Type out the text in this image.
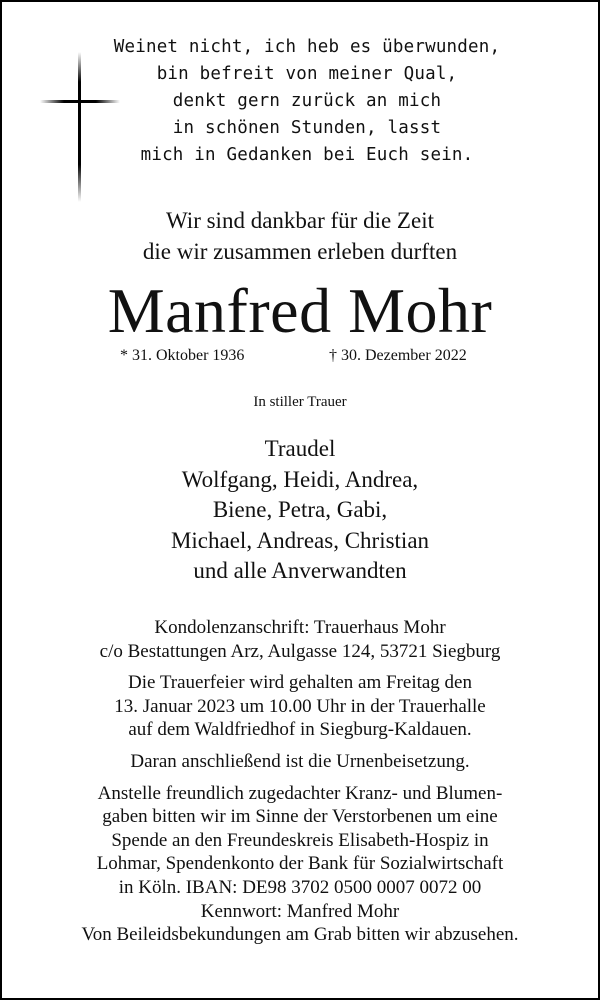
Weinet nicht, ich heb es überwunden,
bin befreit von meiner Qual,
denkt gern zurück an mich
in schönen Stunden, lasst
mich in Gedanken bei Euch sein.
Wir sind dankbar für die Zeit
die wir zusammen erleben durften
Manfred Mohr
* 31. Oktober 1936	† 30. Dezember 2022
In stiller Trauer
Traudel
Wolfgang, Heidi, Andrea,
Biene, Petra, Gabi,
Michael, Andreas, Christian
und alle Anverwandten

Kondolenzanschrift: Trauerhaus Mohr
c/o Bestattungen Arz, Aulgasse 124, 53721 Siegburg

Die Trauerfeier wird gehalten am Freitag den
13. Januar 2023 um 10.00 Uhr in der Trauerhalle
auf dem Waldfriedhof in Siegburg-Kaldauen.

Daran anschließend ist die Urnenbeisetzung.

Anstelle freundlich zugedachter Kranz- und Blumen-
gaben bitten wir im Sinne der Verstorbenen um eine
Spende an den Freundeskreis Elisabeth-Hospiz in
Lohmar, Spendenkonto der Bank für Sozialwirtschaft
in Köln. IBAN: DE98 3702 0500 0007 0072 00
Kennwort: Manfred Mohr
Von Beileidsbekundungen am Grab bitten wir abzusehen.
